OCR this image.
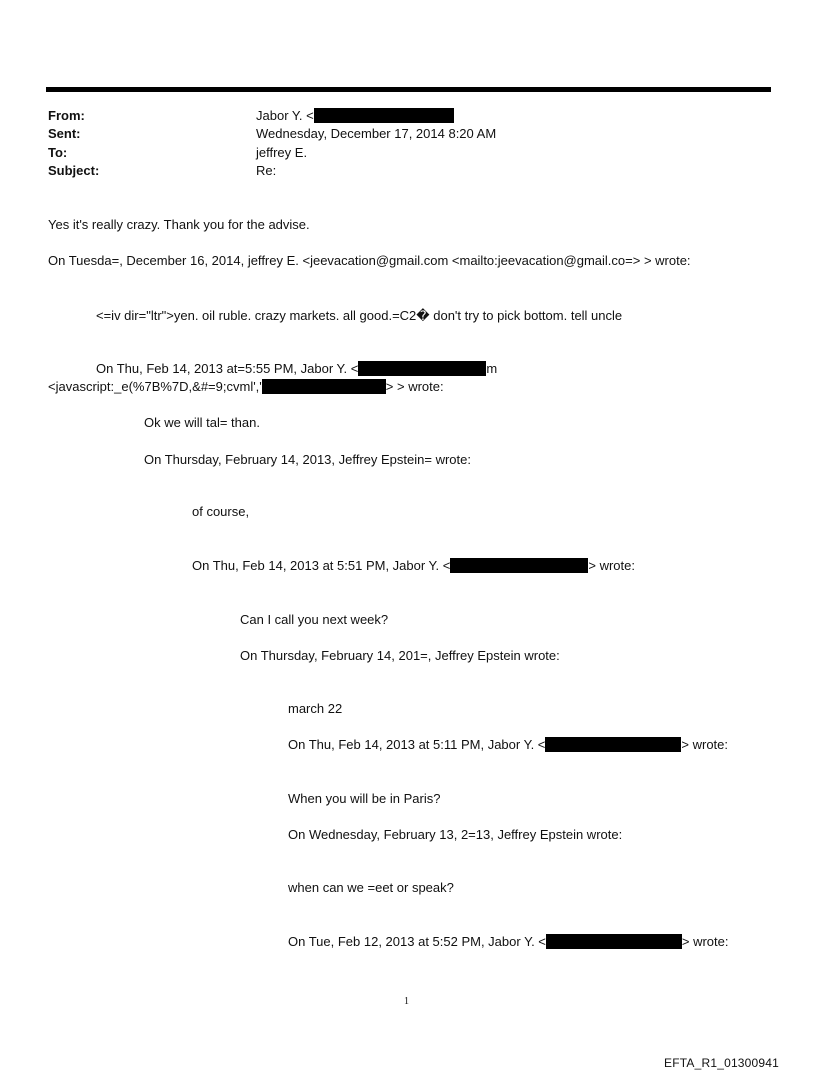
From:	Jabor Y. <
Sent:	Wednesday, December 17, 2014 8:20 AM
To:	jeffrey E.
Subject:	Re:
Yes it's really crazy. Thank you for the advise.
On Tuesda=, December 16, 2014, jeffrey E. <jeevacation@gmail.com <mailto:jeevacation@gmail.co=> > wrote:
<=iv dir="ltr">yen. oil ruble. crazy markets. all good.=C2� don't try to pick bottom. tell uncle
On Thu, Feb 14, 2013 at=5:55 PM, Jabor Y. <	m
<javascript:_e(%7B%7D,&#=9;cvml','	> > wrote:
Ok we will tal= than.
On Thursday, February 14, 2013, Jeffrey Epstein= wrote:
of course,
On Thu, Feb 14, 2013 at 5:51 PM, Jabor Y. <	> wrote:
Can I call you next week?
On Thursday, February 14, 201=, Jeffrey Epstein wrote:
march 22
On Thu, Feb 14, 2013 at 5:11 PM, Jabor Y. <	> wrote:
When you will be in Paris?
On Wednesday, February 13, 2=13, Jeffrey Epstein wrote:
when can we =eet or speak?
On Tue, Feb 12, 2013 at 5:52 PM, Jabor Y. <	> wrote:
1
EFTA_R1_01300941
